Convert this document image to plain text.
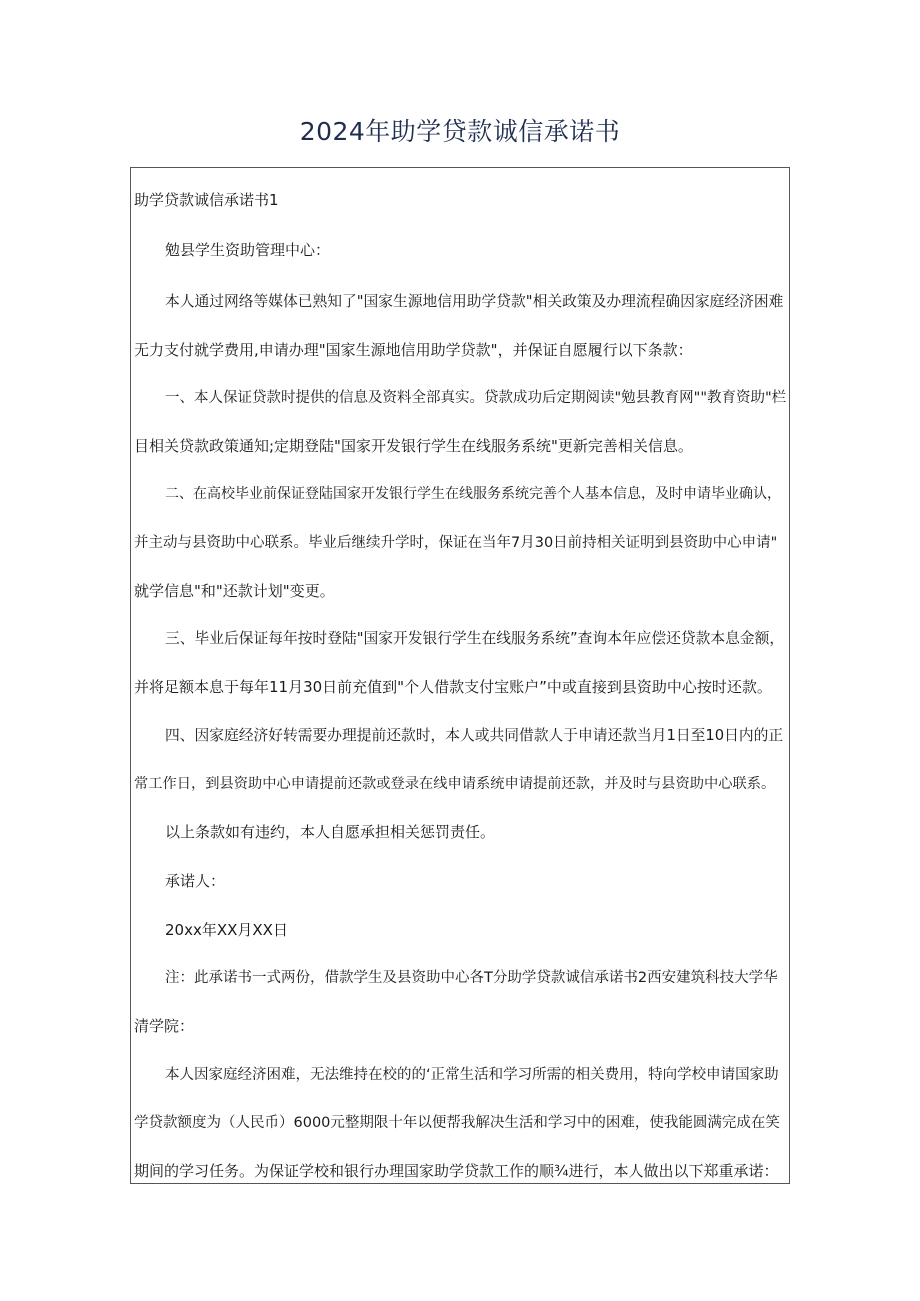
2024年助学贷款诚信承诺书
助学贷款诚信承诺书1
勉县学生资助管理中心：
本人通过网络等媒体已熟知了"国家生源地信用助学贷款"相关政策及办理流程确因家庭经济困难
无力支付就学费用,申请办理"国家生源地信用助学贷款"，并保证自愿履行以下条款：
一、本人保证贷款时提供的信息及资料全部真实。贷款成功后定期阅读"勉县教育网""教育资助"栏
目相关贷款政策通知;定期登陆"国家开发银行学生在线服务系统"更新完善相关信息。
二、在高校毕业前保证登陆国家开发银行学生在线服务系统完善个人基本信息，及时申请毕业确认，
并主动与县资助中心联系。毕业后继续升学时，保证在当年7月30日前持相关证明到县资助中心申请"
就学信息"和"还款计划"变更。
三、毕业后保证每年按时登陆"国家开发银行学生在线服务系统”查询本年应偿还贷款本息金额，
并将足额本息于每年11月30日前充值到"个人借款支付宝账户”中或直接到县资助中心按时还款。
四、因家庭经济好转需要办理提前还款时，本人或共同借款人于申请还款当月1日至10日内的正
常工作日，到县资助中心申请提前还款或登录在线申请系统申请提前还款，并及时与县资助中心联系。
以上条款如有违约，本人自愿承担相关惩罚责任。
承诺人：
20xx年XX月XX日
注：此承诺书一式两份，借款学生及县资助中心各T分助学贷款诚信承诺书2西安建筑科技大学华
清学院：
本人因家庭经济困难，无法维持在校的的‘正常生活和学习所需的相关费用，特向学校申请国家助
学贷款额度为（人民币）6000元整期限十年以便帮我解决生活和学习中的困难，使我能圆满完成在笑
期间的学习任务。为保证学校和银行办理国家助学贷款工作的顺¾进行，本人做出以下郑重承诺：
